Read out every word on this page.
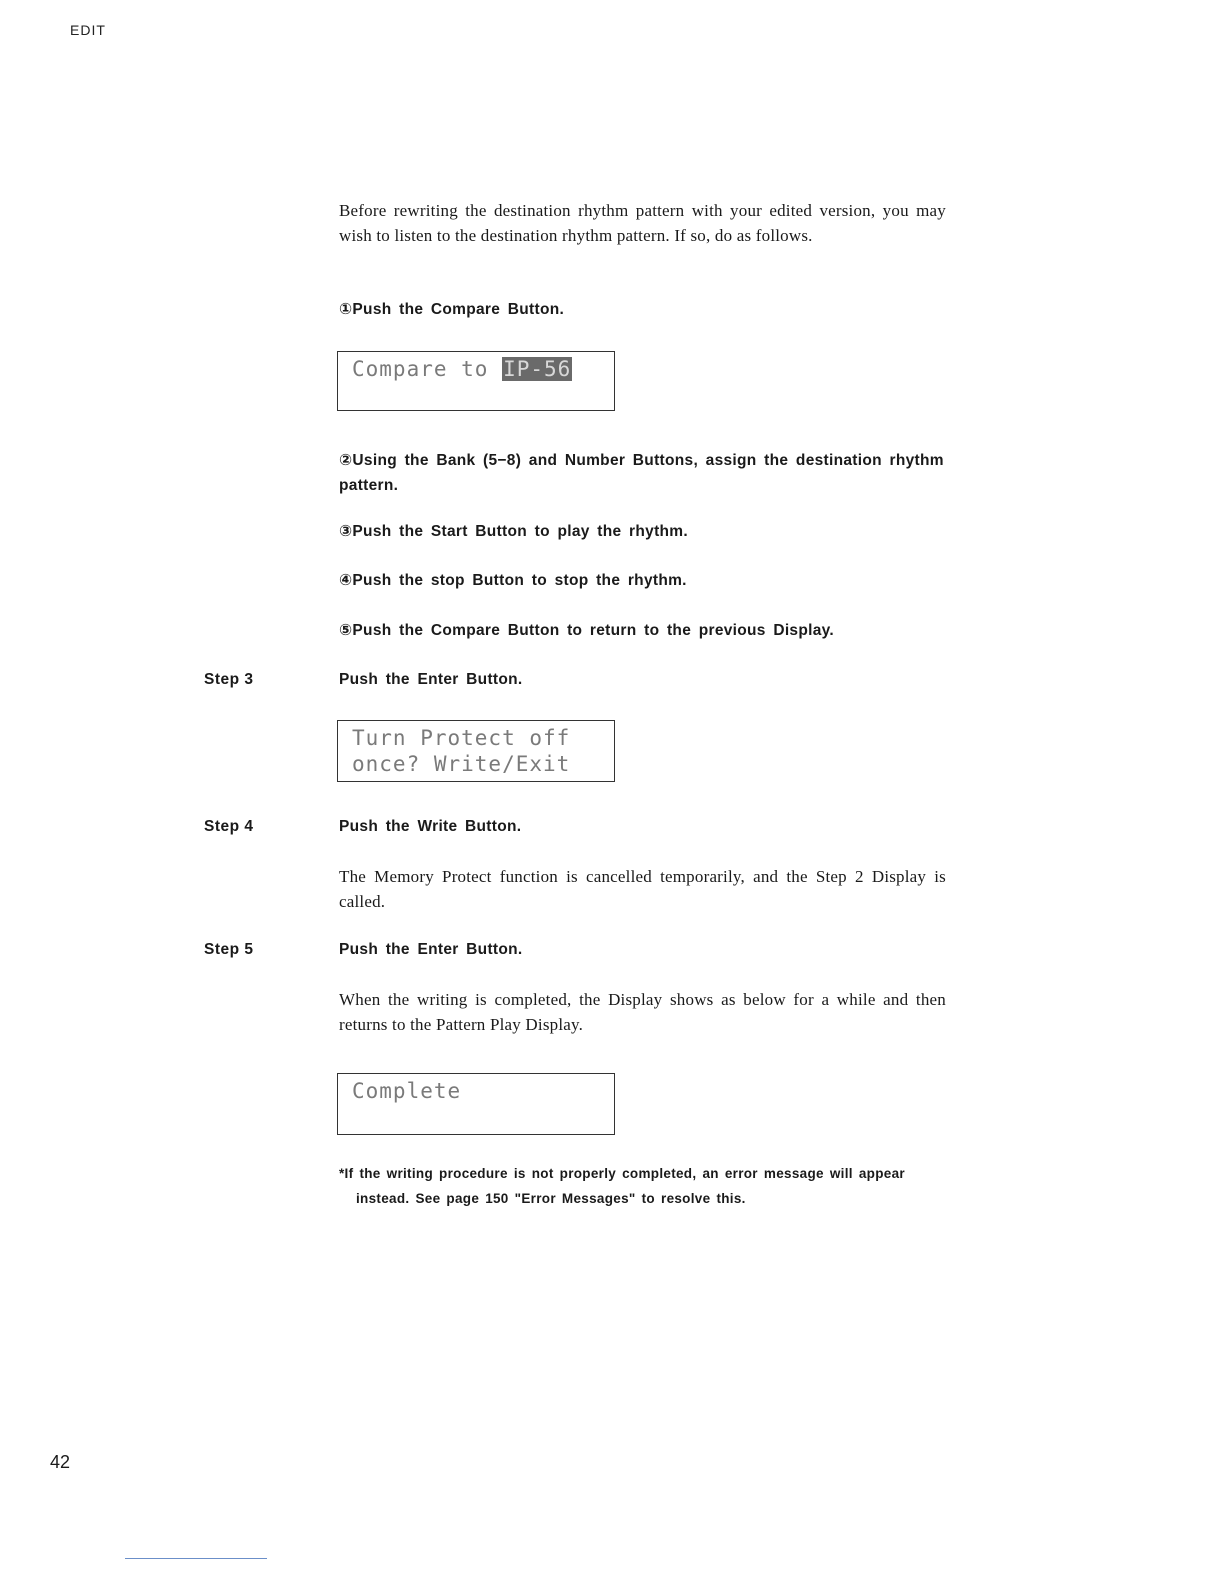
EDIT
Before rewriting the destination rhythm pattern with your edited version, you may wish to listen to the destination rhythm pattern. If so, do as follows.
①Push the Compare Button.
Compare to IP-56
②Using the Bank (5−8) and Number Buttons, assign the destination rhythm pattern.
③Push the Start Button to play the rhythm.
④Push the stop Button to stop the rhythm.
⑤Push the Compare Button to return to the previous Display.
Step 3	Push the Enter Button.
Turn Protect off
once? Write/Exit
Step 4	Push the Write Button.
The Memory Protect function is cancelled temporarily, and the Step 2 Display is called.
Step 5	Push the Enter Button.
When the writing is completed, the Display shows as below for a while and then returns to the Pattern Play Display.
Complete
*If the writing procedure is not properly completed, an error message will appear instead. See page 150 "Error Messages" to resolve this.
42
